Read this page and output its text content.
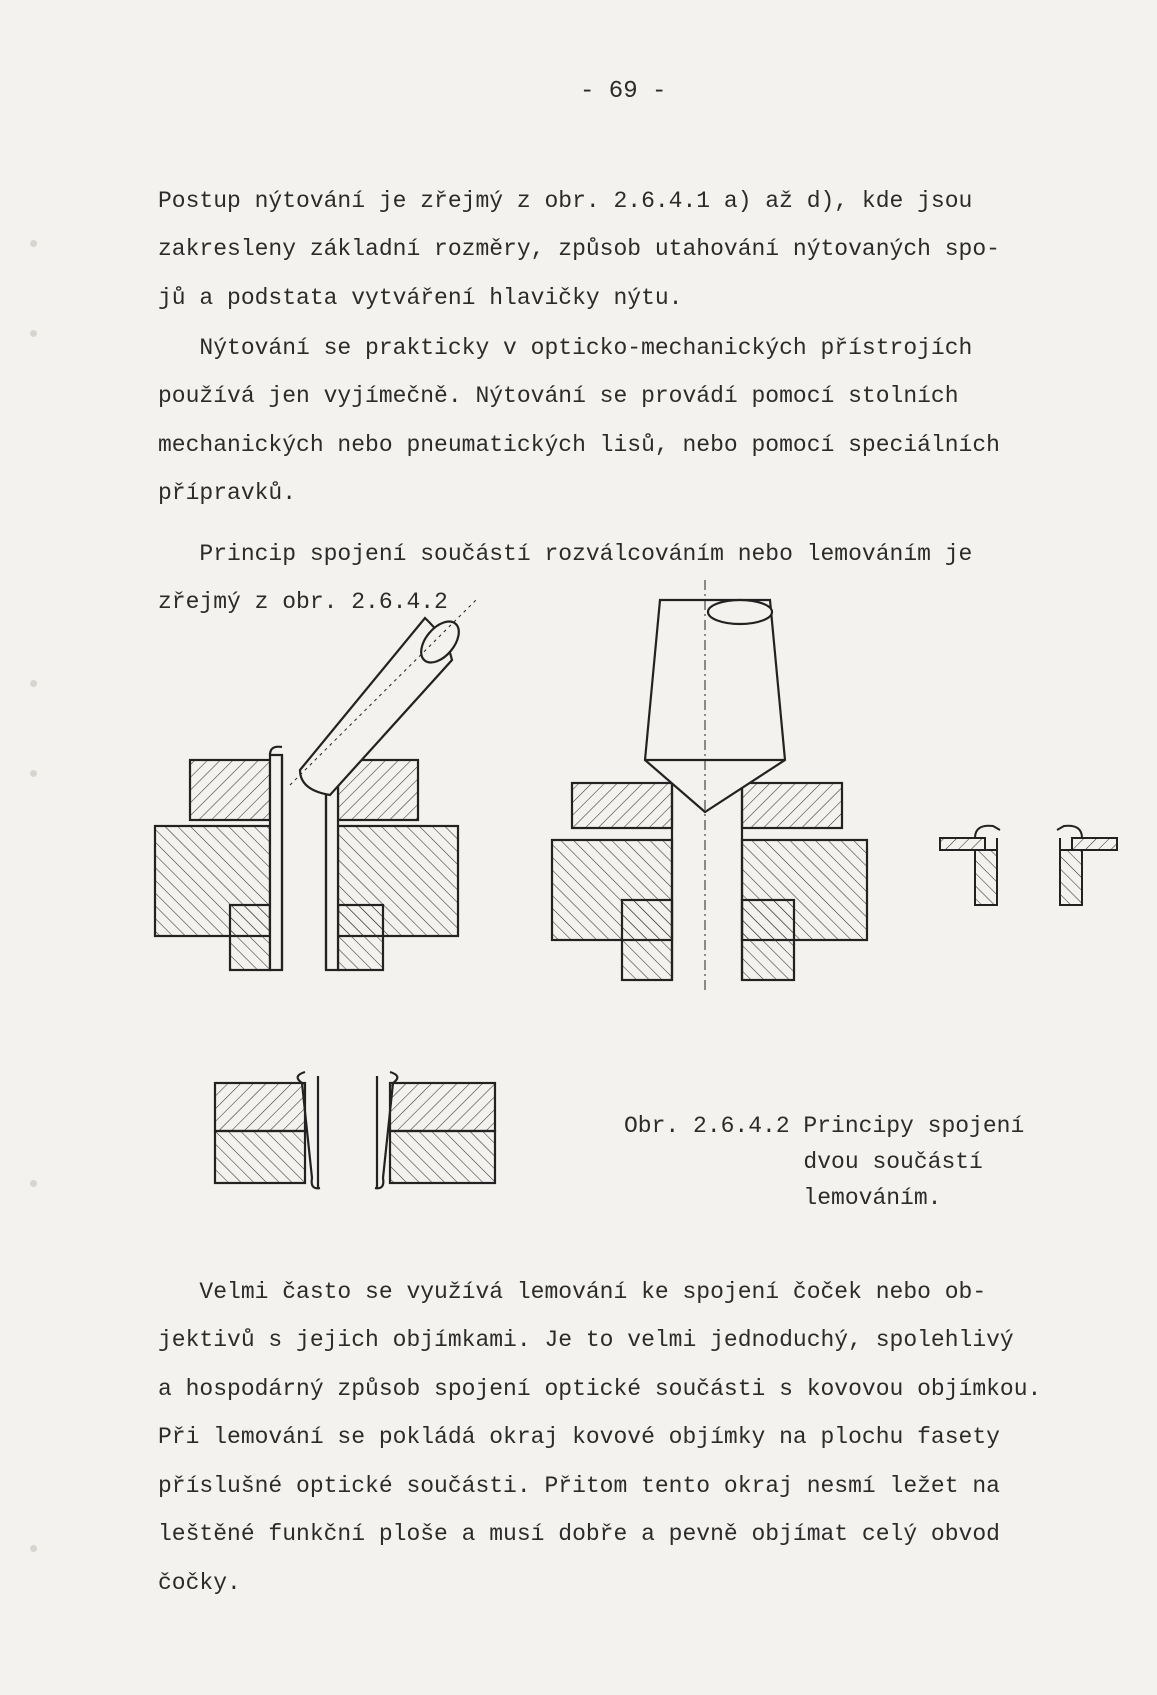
- 69 -

Postup nýtování je zřejmý z obr. 2.6.4.1 a) až d), kde jsou
zakresleny základní rozměry, způsob utahování nýtovaných spo-
jů a podstata vytváření hlavičky nýtu.

Nýtování se prakticky v opticko-mechanických přístrojích
používá jen vyjímečně. Nýtování se provádí pomocí stolních
mechanických nebo pneumatických lisů, nebo pomocí speciálních
přípravků.

Princip spojení součástí rozválcováním nebo lemováním je
zřejmý z obr. 2.6.4.2

Obr. 2.6.4.2 Principy spojení
dvou součástí
lemováním.

Velmi často se využívá lemování ke spojení čoček nebo ob-
jektivů s jejich objímkami. Je to velmi jednoduchý, spolehlivý
a hospodárný způsob spojení optické součásti s kovovou objímkou.
Při lemování se pokládá okraj kovové objímky na plochu fasety
příslušné optické součásti. Přitom tento okraj nesmí ležet na
leštěné funkční ploše a musí dobře a pevně objímat celý obvod
čočky.
